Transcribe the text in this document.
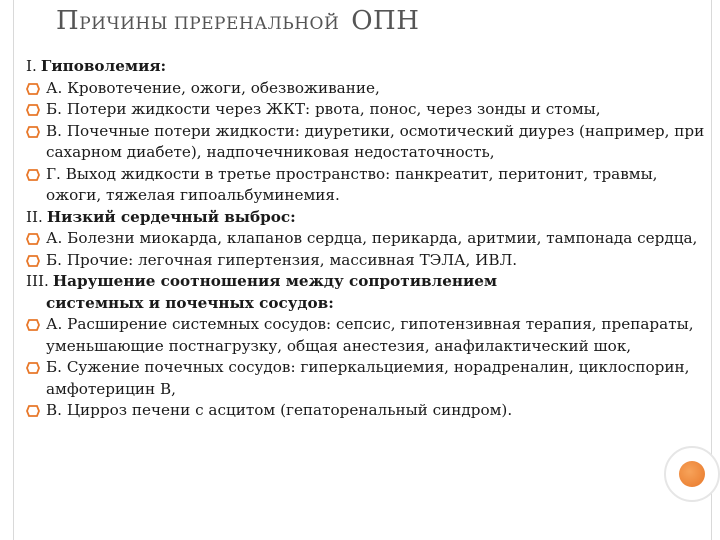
ПРИЧИНЫ ПРЕРЕНАЛЬНОЙ ОПН
I. Гиповолемия:
А. Кровотечение, ожоги, обезвоживание,
Б. Потери жидкости через ЖКТ: рвота, понос, через зонды и стомы,
В. Почечные потери жидкости: диуретики, осмотический диурез (например, при сахарном диабете), надпочечниковая недостаточность,
Г. Выход жидкости в третье пространство: панкреатит, перитонит, травмы, ожоги, тяжелая гипоальбуминемия.
II. Низкий сердечный выброс:
А. Болезни миокарда, клапанов сердца, перикарда, аритмии, тампонада сердца,
Б. Прочие: легочная гипертензия, массивная ТЭЛА, ИВЛ.
III. Нарушение соотношения между сопротивлением
системных и почечных сосудов:
А. Расширение системных сосудов: сепсис, гипотензивная терапия, препараты, уменьшающие постнагрузку, общая анестезия, анафилактический шок,
Б. Сужение почечных сосудов: гиперкальциемия, норадреналин, циклоспорин, амфотерицин В,
В. Цирроз печени с асцитом (гепаторенальный синдром).
